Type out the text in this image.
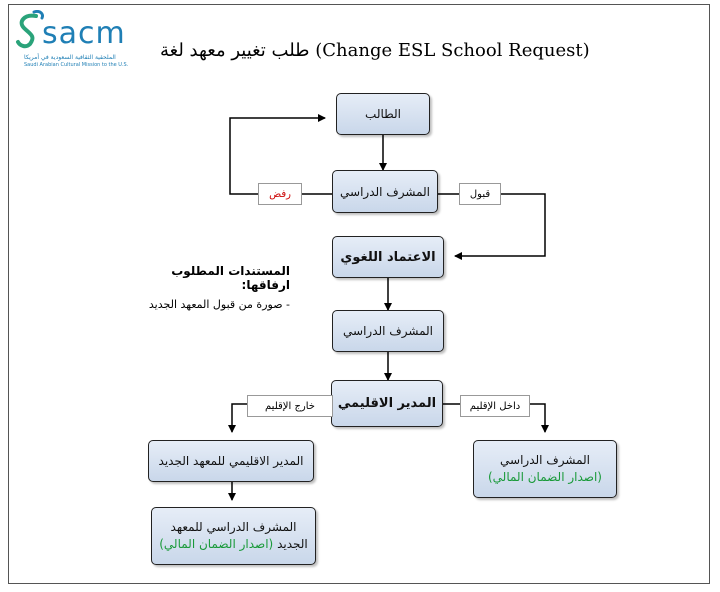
sacm
الملحقية الثقافية السعودية في أمريكا
Saudi Arabian Cultural Mission to the U.S.
طلب تغيير معهد لغة (Change ESL School Request)
الطالب
المشرف الدراسي
رفض	قبول
الاعتماد اللغوي
المستندات المطلوب ارفاقها:
- صورة من قبول المعهد الجديد
المشرف الدراسي
المدير الاقليمي
خارج الإقليم	داخل الإقليم
المدير الاقليمي للمعهد الجديد
المشرف الدراسي للمعهد
الجديد (اصدار الضمان المالي)
المشرف الدراسي
(اصدار الضمان المالي)
